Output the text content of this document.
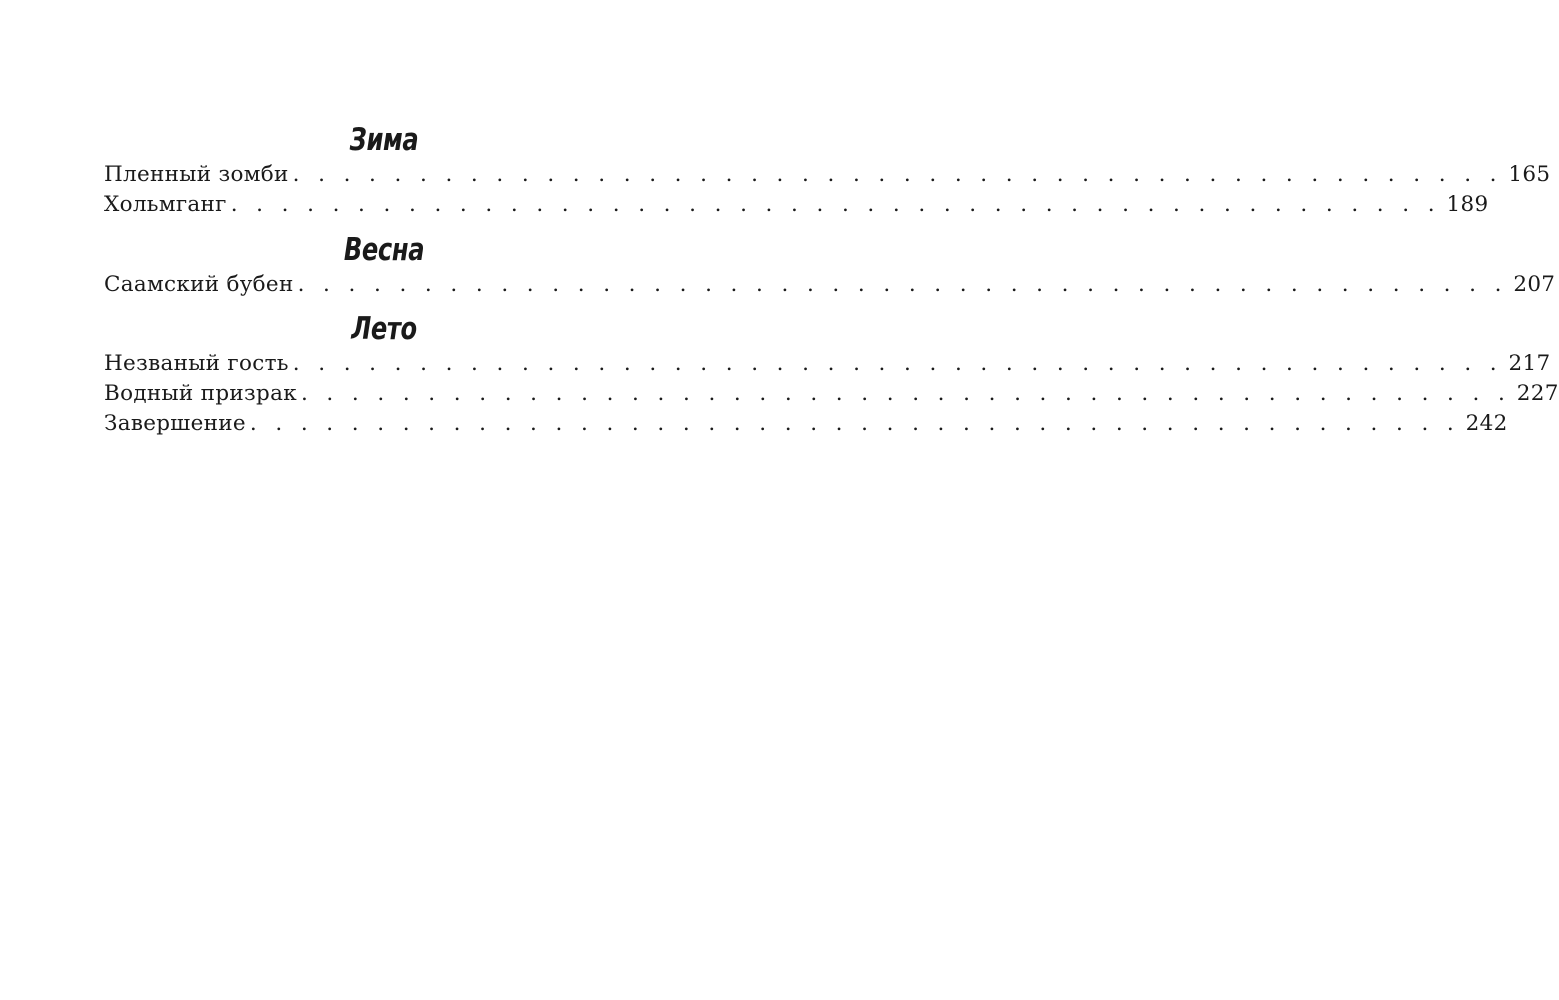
Зима
Пленный зомби . . . . . . . . . . . . . . . . . . . . . . . . . . . . . . . . . . . . . . . . . . . . . . . . 165
Хольмганг . . . . . . . . . . . . . . . . . . . . . . . . . . . . . . . . . . . . . . . . . . . . . . . . 189
Весна
Саамский бубен . . . . . . . . . . . . . . . . . . . . . . . . . . . . . . . . . . . . . . . . . . . . . . . . 207
Лето
Незваный гость . . . . . . . . . . . . . . . . . . . . . . . . . . . . . . . . . . . . . . . . . . . . . . . . 217
Водный призрак . . . . . . . . . . . . . . . . . . . . . . . . . . . . . . . . . . . . . . . . . . . . . . . . 227
Завершение . . . . . . . . . . . . . . . . . . . . . . . . . . . . . . . . . . . . . . . . . . . . . . . . 242
